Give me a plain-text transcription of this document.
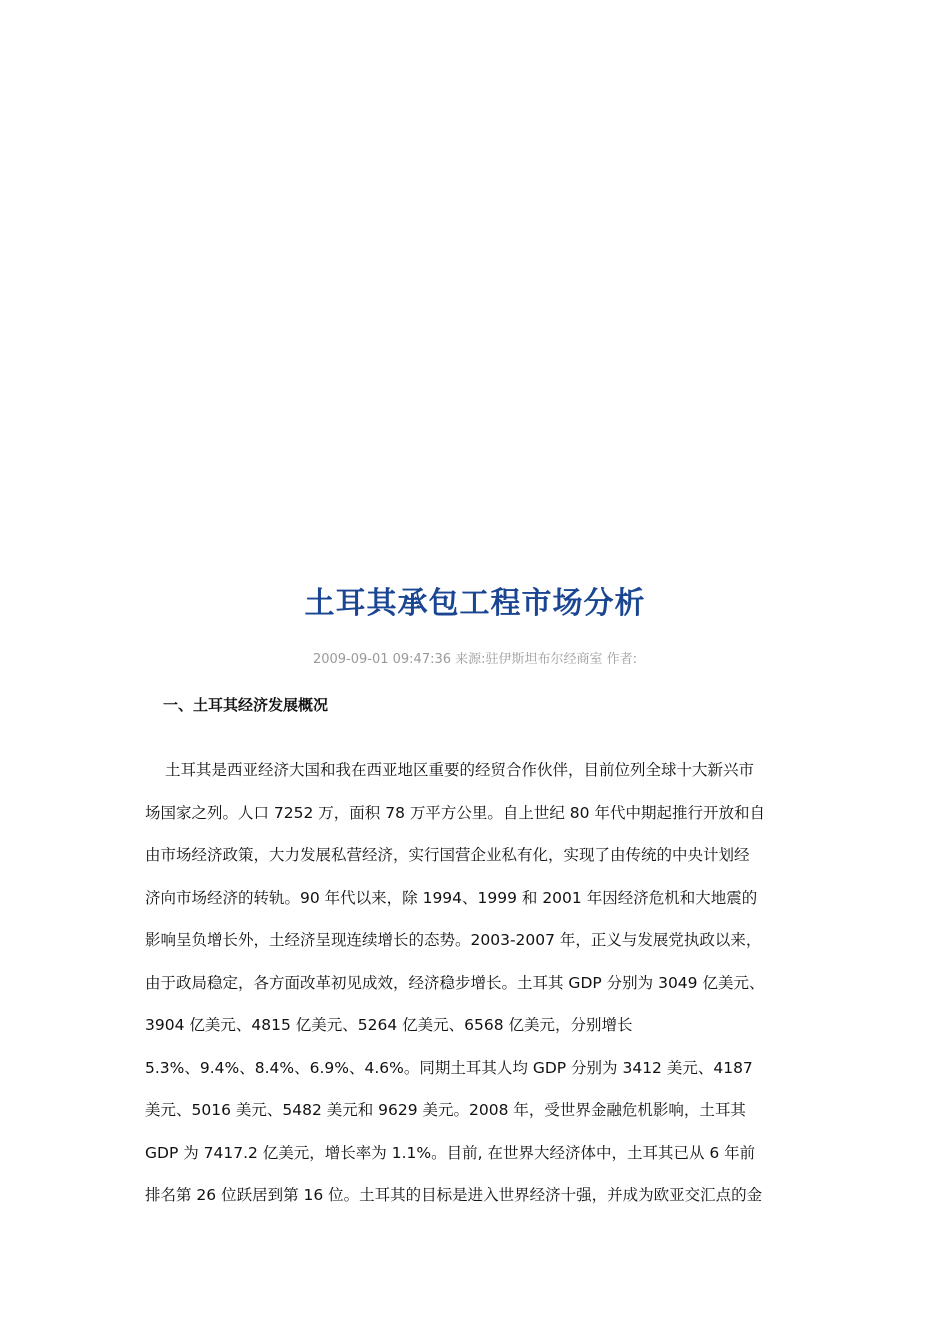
土耳其承包工程市场分析
2009-09-01 09:47:36 来源:驻伊斯坦布尔经商室 作者:
一、土耳其经济发展概况
土耳其是西亚经济大国和我在西亚地区重要的经贸合作伙伴，目前位列全球十大新兴市
场国家之列。人口 7252 万，面积 78 万平方公里。自上世纪 80 年代中期起推行开放和自
由市场经济政策，大力发展私营经济，实行国营企业私有化，实现了由传统的中央计划经
济向市场经济的转轨。90 年代以来，除 1994、1999 和 2001 年因经济危机和大地震的
影响呈负增长外，土经济呈现连续增长的态势。2003-2007 年，正义与发展党执政以来，
由于政局稳定，各方面改革初见成效，经济稳步增长。土耳其 GDP 分别为 3049 亿美元、
3904 亿美元、4815 亿美元、5264 亿美元、6568 亿美元，分别增长
5.3%、9.4%、8.4%、6.9%、4.6%。同期土耳其人均 GDP 分别为 3412 美元、4187
美元、5016 美元、5482 美元和 9629 美元。2008 年，受世界金融危机影响，土耳其
GDP 为 7417.2 亿美元，增长率为 1.1%。目前, 在世界大经济体中，土耳其已从 6 年前
排名第 26 位跃居到第 16 位。土耳其的目标是进入世界经济十强，并成为欧亚交汇点的金
